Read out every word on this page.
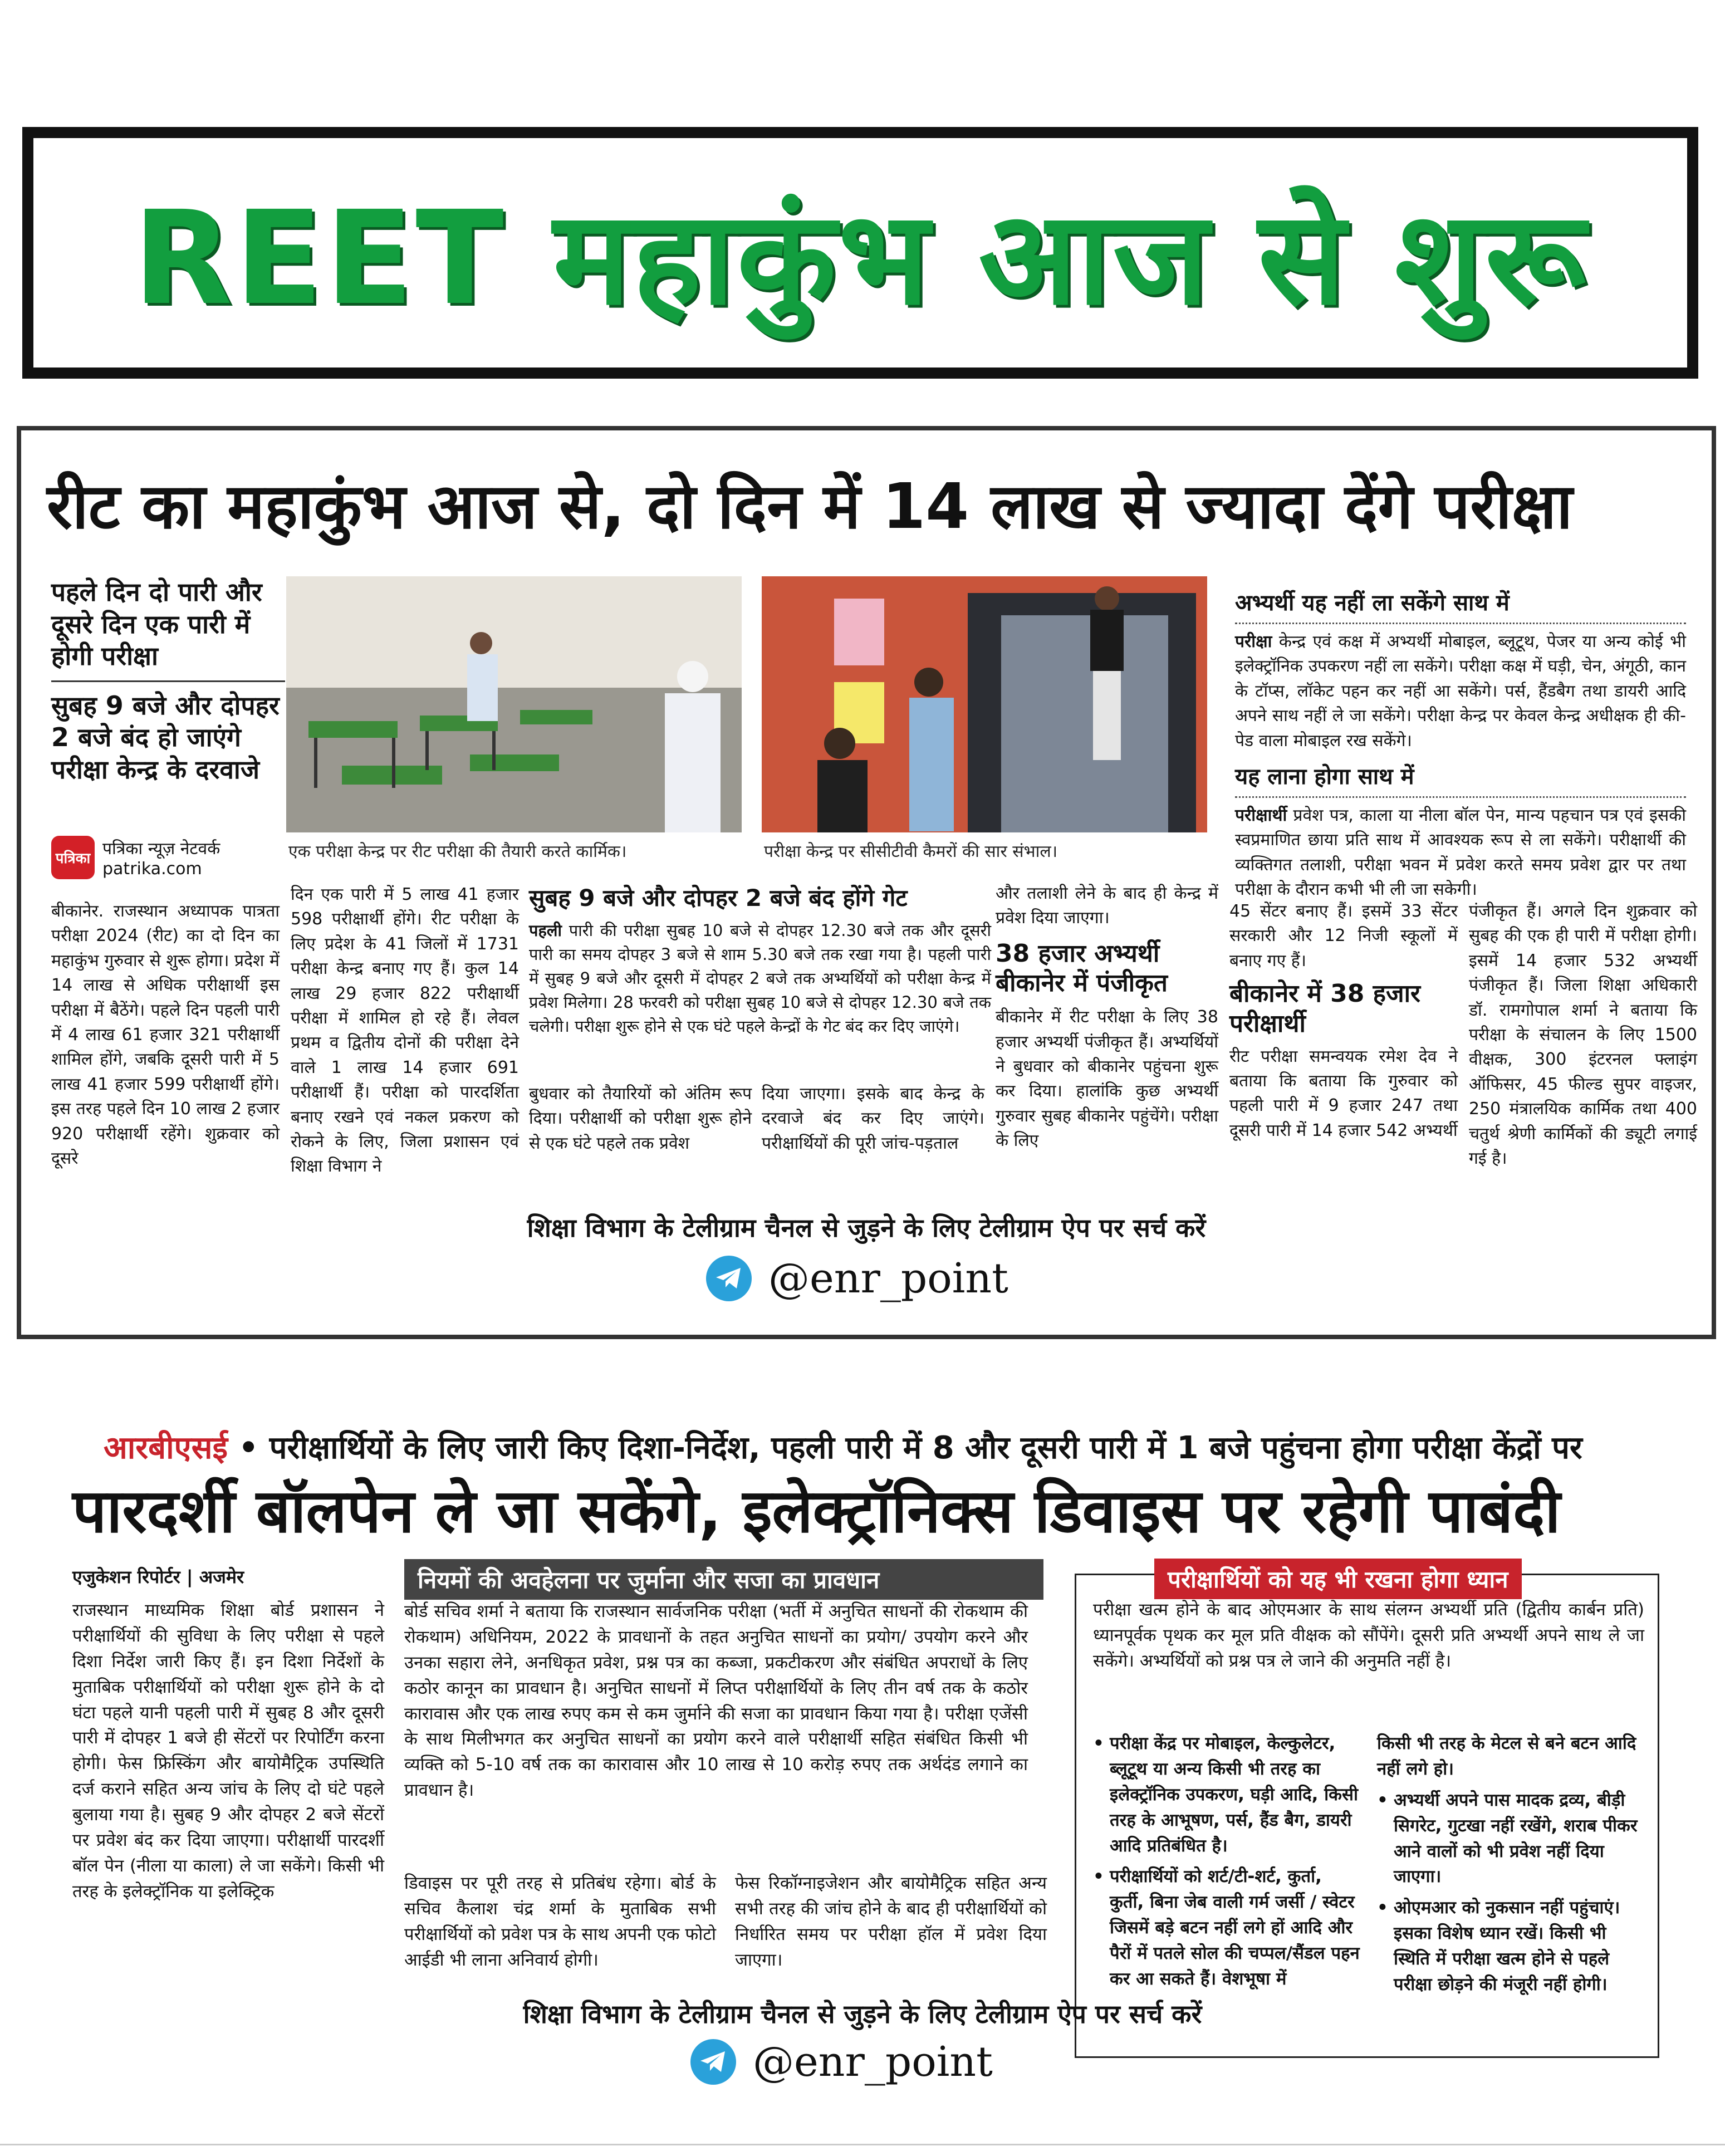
REET महाकुंभ आज से शुरू
रीट का महाकुंभ आज से, दो दिन में 14 लाख से ज्यादा देंगे परीक्षा
पहले दिन दो पारी और दूसरे दिन एक पारी में होगी परीक्षा
सुबह 9 बजे और दोपहर 2 बजे बंद हो जाएंगे परीक्षा केन्द्र के दरवाजे
पत्रिका पत्रिका न्यूज़ नेटवर्क
patrika.com
एक परीक्षा केन्द्र पर रीट परीक्षा की तैयारी करते कार्मिक।	परीक्षा केन्द्र पर सीसीटीवी कैमरों की सार संभाल।
अभ्यर्थी यह नहीं ला सकेंगे साथ में
परीक्षा केन्द्र एवं कक्ष में अभ्यर्थी मोबाइल, ब्लूटूथ, पेजर या अन्य कोई भी इलेक्ट्रॉनिक उपकरण नहीं ला सकेंगे। परीक्षा कक्ष में घड़ी, चेन, अंगूठी, कान के टॉप्स, लॉकेट पहन कर नहीं आ सकेंगे। पर्स, हैंडबैग तथा डायरी आदि अपने साथ नहीं ले जा सकेंगे। परीक्षा केन्द्र पर केवल केन्द्र अधीक्षक ही की-पेड वाला मोबाइल रख सकेंगे।
यह लाना होगा साथ में
परीक्षार्थी प्रवेश पत्र, काला या नीला बॉल पेन, मान्य पहचान पत्र एवं इसकी स्वप्रमाणित छाया प्रति साथ में आवश्यक रूप से ला सकेंगे। परीक्षार्थी की व्यक्तिगत तलाशी, परीक्षा भवन में प्रवेश करते समय प्रवेश द्वार पर तथा परीक्षा के दौरान कभी भी ली जा सकेगी।
बीकानेर. राजस्थान अध्यापक पात्रता परीक्षा 2024 (रीट) का दो दिन का महाकुंभ गुरुवार से शुरू होगा। प्रदेश में 14 लाख से अधिक परीक्षार्थी इस परीक्षा में बैठेंगे। पहले दिन पहली पारी में 4 लाख 61 हजार 321 परीक्षार्थी शामिल होंगे, जबकि दूसरी पारी में 5 लाख 41 हजार 599 परीक्षार्थी होंगे। इस तरह पहले दिन 10 लाख 2 हजार 920 परीक्षार्थी रहेंगे। शुक्रवार को दूसरे
दिन एक पारी में 5 लाख 41 हजार 598 परीक्षार्थी होंगे। रीट परीक्षा के लिए प्रदेश के 41 जिलों में 1731 परीक्षा केन्द्र बनाए गए हैं। कुल 14 लाख 29 हजार 822 परीक्षार्थी परीक्षा में शामिल हो रहे हैं। लेवल प्रथम व द्वितीय दोनों की परीक्षा देने वाले 1 लाख 14 हजार 691 परीक्षार्थी हैं। परीक्षा को पारदर्शिता बनाए रखने एवं नकल प्रकरण को रोकने के लिए, जिला प्रशासन एवं शिक्षा विभाग ने
सुबह 9 बजे और दोपहर 2 बजे बंद होंगे गेट
पहली पारी की परीक्षा सुबह 10 बजे से दोपहर 12.30 बजे तक और दूसरी पारी का समय दोपहर 3 बजे से शाम 5.30 बजे तक रखा गया है। पहली पारी में सुबह 9 बजे और दूसरी में दोपहर 2 बजे तक अभ्यर्थियों को परीक्षा केन्द्र में प्रवेश मिलेगा। 28 फरवरी को परीक्षा सुबह 10 बजे से दोपहर 12.30 बजे तक चलेगी। परीक्षा शुरू होने से एक घंटे पहले केन्द्रों के गेट बंद कर दिए जाएंगे।
बुधवार को तैयारियों को अंतिम रूप दिया। परीक्षार्थी को परीक्षा शुरू होने से एक घंटे पहले तक प्रवेश
दिया जाएगा। इसके बाद केन्द्र के दरवाजे बंद कर दिए जाएंगे। परीक्षार्थियों की पूरी जांच-पड़ताल
और तलाशी लेने के बाद ही केन्द्र में प्रवेश दिया जाएगा।
38 हजार अभ्यर्थी बीकानेर में पंजीकृत
बीकानेर में रीट परीक्षा के लिए 38 हजार अभ्यर्थी पंजीकृत हैं। अभ्यर्थियों ने बुधवार को बीकानेर पहुंचना शुरू कर दिया। हालांकि कुछ अभ्यर्थी गुरुवार सुबह बीकानेर पहुंचेंगे। परीक्षा के लिए
45 सेंटर बनाए हैं। इसमें 33 सेंटर सरकारी और 12 निजी स्कूलों में बनाए गए हैं।
बीकानेर में 38 हजार परीक्षार्थी
रीट परीक्षा समन्वयक रमेश देव ने बताया कि बताया कि गुरुवार को पहली पारी में 9 हजार 247 तथा दूसरी पारी में 14 हजार 542 अभ्यर्थी
पंजीकृत हैं। अगले दिन शुक्रवार को सुबह की एक ही पारी में परीक्षा होगी। इसमें 14 हजार 532 अभ्यर्थी पंजीकृत हैं। जिला शिक्षा अधिकारी डॉ. रामगोपाल शर्मा ने बताया कि परीक्षा के संचालन के लिए 1500 वीक्षक, 300 इंटरनल फ्लाइंग ऑफिसर, 45 फील्ड सुपर वाइजर, 250 मंत्रालयिक कार्मिक तथा 400 चतुर्थ श्रेणी कार्मिकों की ड्यूटी लगाई गई है।
शिक्षा विभाग के टेलीग्राम चैनल से जुड़ने के लिए टेलीग्राम ऐप पर सर्च करें
@enr_point
आरबीएसई • परीक्षार्थियों के लिए जारी किए दिशा-निर्देश, पहली पारी में 8 और दूसरी पारी में 1 बजे पहुंचना होगा परीक्षा केंद्रों पर
पारदर्शी बॉलपेन ले जा सकेंगे, इलेक्ट्रॉनिक्स डिवाइस पर रहेगी पाबंदी
एजुकेशन रिपोर्टर | अजमेर
राजस्थान माध्यमिक शिक्षा बोर्ड प्रशासन ने परीक्षार्थियों की सुविधा के लिए परीक्षा से पहले दिशा निर्देश जारी किए हैं। इन दिशा निर्देशों के मुताबिक परीक्षार्थियों को परीक्षा शुरू होने के दो घंटा पहले यानी पहली पारी में सुबह 8 और दूसरी पारी में दोपहर 1 बजे ही सेंटरों पर रिपोर्टिंग करना होगी। फेस फ्रिस्किंग और बायोमैट्रिक उपस्थिति दर्ज कराने सहित अन्य जांच के लिए दो घंटे पहले बुलाया गया है। सुबह 9 और दोपहर 2 बजे सेंटरों पर प्रवेश बंद कर दिया जाएगा। परीक्षार्थी पारदर्शी बॉल पेन (नीला या काला) ले जा सकेंगे। किसी भी तरह के इलेक्ट्रॉनिक या इलेक्ट्रिक
नियमों की अवहेलना पर जुर्माना और सजा का प्रावधान
बोर्ड सचिव शर्मा ने बताया कि राजस्थान सार्वजनिक परीक्षा (भर्ती में अनुचित साधनों की रोकथाम की रोकथाम) अधिनियम, 2022 के प्रावधानों के तहत अनुचित साधनों का प्रयोग/ उपयोग करने और उनका सहारा लेने, अनधिकृत प्रवेश, प्रश्न पत्र का कब्जा, प्रकटीकरण और संबंधित अपराधों के लिए कठोर कानून का प्रावधान है। अनुचित साधनों में लिप्त परीक्षार्थियों के लिए तीन वर्ष तक के कठोर कारावास और एक लाख रुपए कम से कम जुर्माने की सजा का प्रावधान किया गया है। परीक्षा एजेंसी के साथ मिलीभगत कर अनुचित साधनों का प्रयोग करने वाले परीक्षार्थी सहित संबंधित किसी भी व्यक्ति को 5-10 वर्ष तक का कारावास और 10 लाख से 10 करोड़ रुपए तक अर्थदंड लगाने का प्रावधान है।
डिवाइस पर पूरी तरह से प्रतिबंध रहेगा। बोर्ड के सचिव कैलाश चंद्र शर्मा के मुताबिक सभी परीक्षार्थियों को प्रवेश पत्र के साथ अपनी एक फोटो आईडी भी लाना अनिवार्य होगी।
फेस रिकॉग्नाइजेशन और बायोमैट्रिक सहित अन्य सभी तरह की जांच होने के बाद ही परीक्षार्थियों को निर्धारित समय पर परीक्षा हॉल में प्रवेश दिया जाएगा।
परीक्षार्थियों को यह भी रखना होगा ध्यान
परीक्षा खत्म होने के बाद ओएमआर के साथ संलग्न अभ्यर्थी प्रति (द्वितीय कार्बन प्रति) ध्यानपूर्वक पृथक कर मूल प्रति वीक्षक को सौंपेंगे। दूसरी प्रति अभ्यर्थी अपने साथ ले जा सकेंगे। अभ्यर्थियों को प्रश्न पत्र ले जाने की अनुमति नहीं है।
• परीक्षा केंद्र पर मोबाइल, केल्कुलेटर, ब्लूटूथ या अन्य किसी भी तरह का इलेक्ट्रॉनिक उपकरण, घड़ी आदि, किसी तरह के आभूषण, पर्स, हैंड बैग, डायरी आदि प्रतिबंधित है।
• परीक्षार्थियों को शर्ट/टी-शर्ट, कुर्ता, कुर्ती, बिना जेब वाली गर्म जर्सी / स्वेटर जिसमें बड़े बटन नहीं लगे हों आदि और पैरों में पतले सोल की चप्पल/सैंडल पहन कर आ सकते हैं। वेशभूषा में
किसी भी तरह के मेटल से बने बटन आदि नहीं लगे हो।
• अभ्यर्थी अपने पास मादक द्रव्य, बीड़ी सिगरेट, गुटखा नहीं रखेंगे, शराब पीकर आने वालों को भी प्रवेश नहीं दिया जाएगा।
• ओएमआर को नुकसान नहीं पहुंचाएं। इसका विशेष ध्यान रखें। किसी भी स्थिति में परीक्षा खत्म होने से पहले परीक्षा छोड़ने की मंजूरी नहीं होगी।
शिक्षा विभाग के टेलीग्राम चैनल से जुड़ने के लिए टेलीग्राम ऐप पर सर्च करें
@enr_point
